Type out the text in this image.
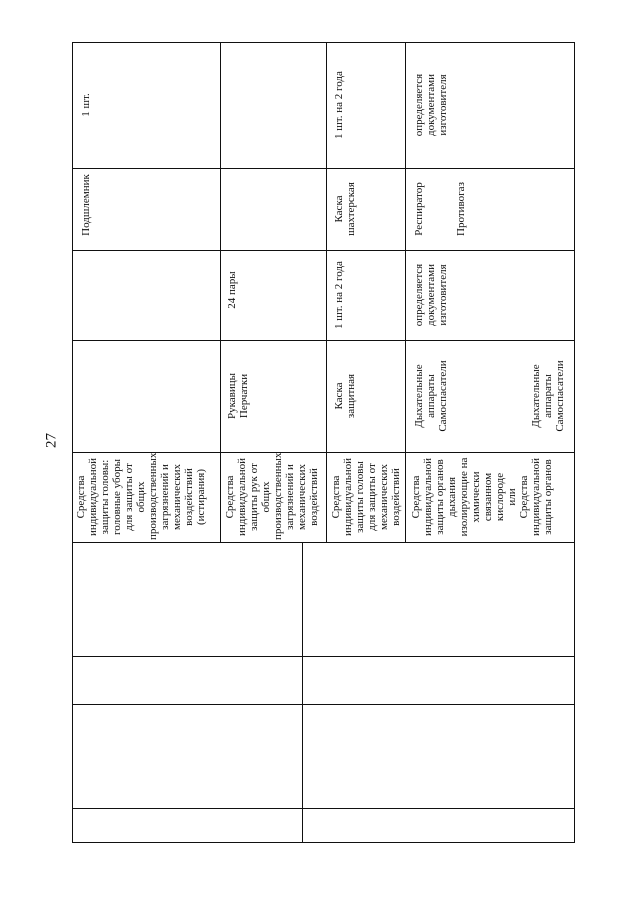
27
Средства
индивидуальной
защиты головы:
головные уборы
для защиты от
общих
производственных
загрязнений и
механических
воздействий
(истирания)
Подшлемник
1 шт.
Средства
индивидуальной
защиты рук от
общих
производственных
загрязнений и
механических
воздействий
Рукавицы
Перчатки
24 пары
Средства
индивидуальной
защиты головы
для защиты от
механических
воздействий
Каска
защитная
1 шт. на 2 года
Каска
шахтерская
1 шт. на 2 года
Средства
индивидуальной
защиты органов
дыхания
изолирующие на
химически
связанном
кислороде
или
Средства
индивидуальной
защиты органов
Дыхательные
аппараты
Самоспасатели	Дыхательные
аппараты
Самоспасатели
определяется
документами
изготовителя
Респиратор	Противогаз
определяется
документами
изготовителя
